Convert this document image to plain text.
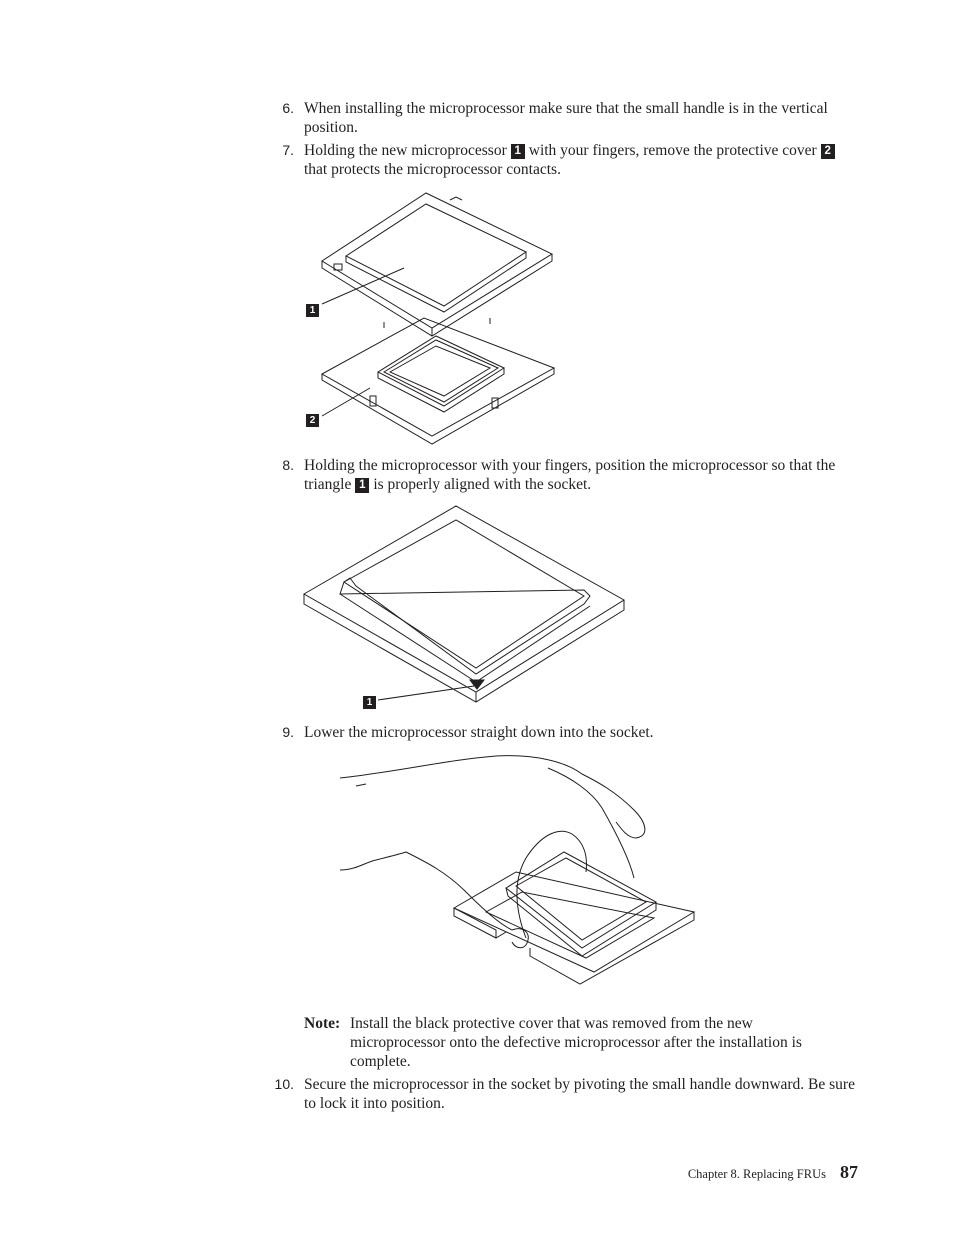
6. When installing the microprocessor make sure that the small handle is in the vertical position.
7. Holding the new microprocessor 1 with your fingers, remove the protective cover 2that protects the microprocessor contacts.
1
2
8. Holding the microprocessor with your fingers, position the microprocessor so that the triangle 1 is properly aligned with the socket.
1
9. Lower the microprocessor straight down into the socket.
Note: Install the black protective cover that was removed from the new microprocessor onto the defective microprocessor after the installation is complete.
10. Secure the microprocessor in the socket by pivoting the small handle downward. Be sure to lock it into position.
Chapter 8. Replacing FRUs 87
